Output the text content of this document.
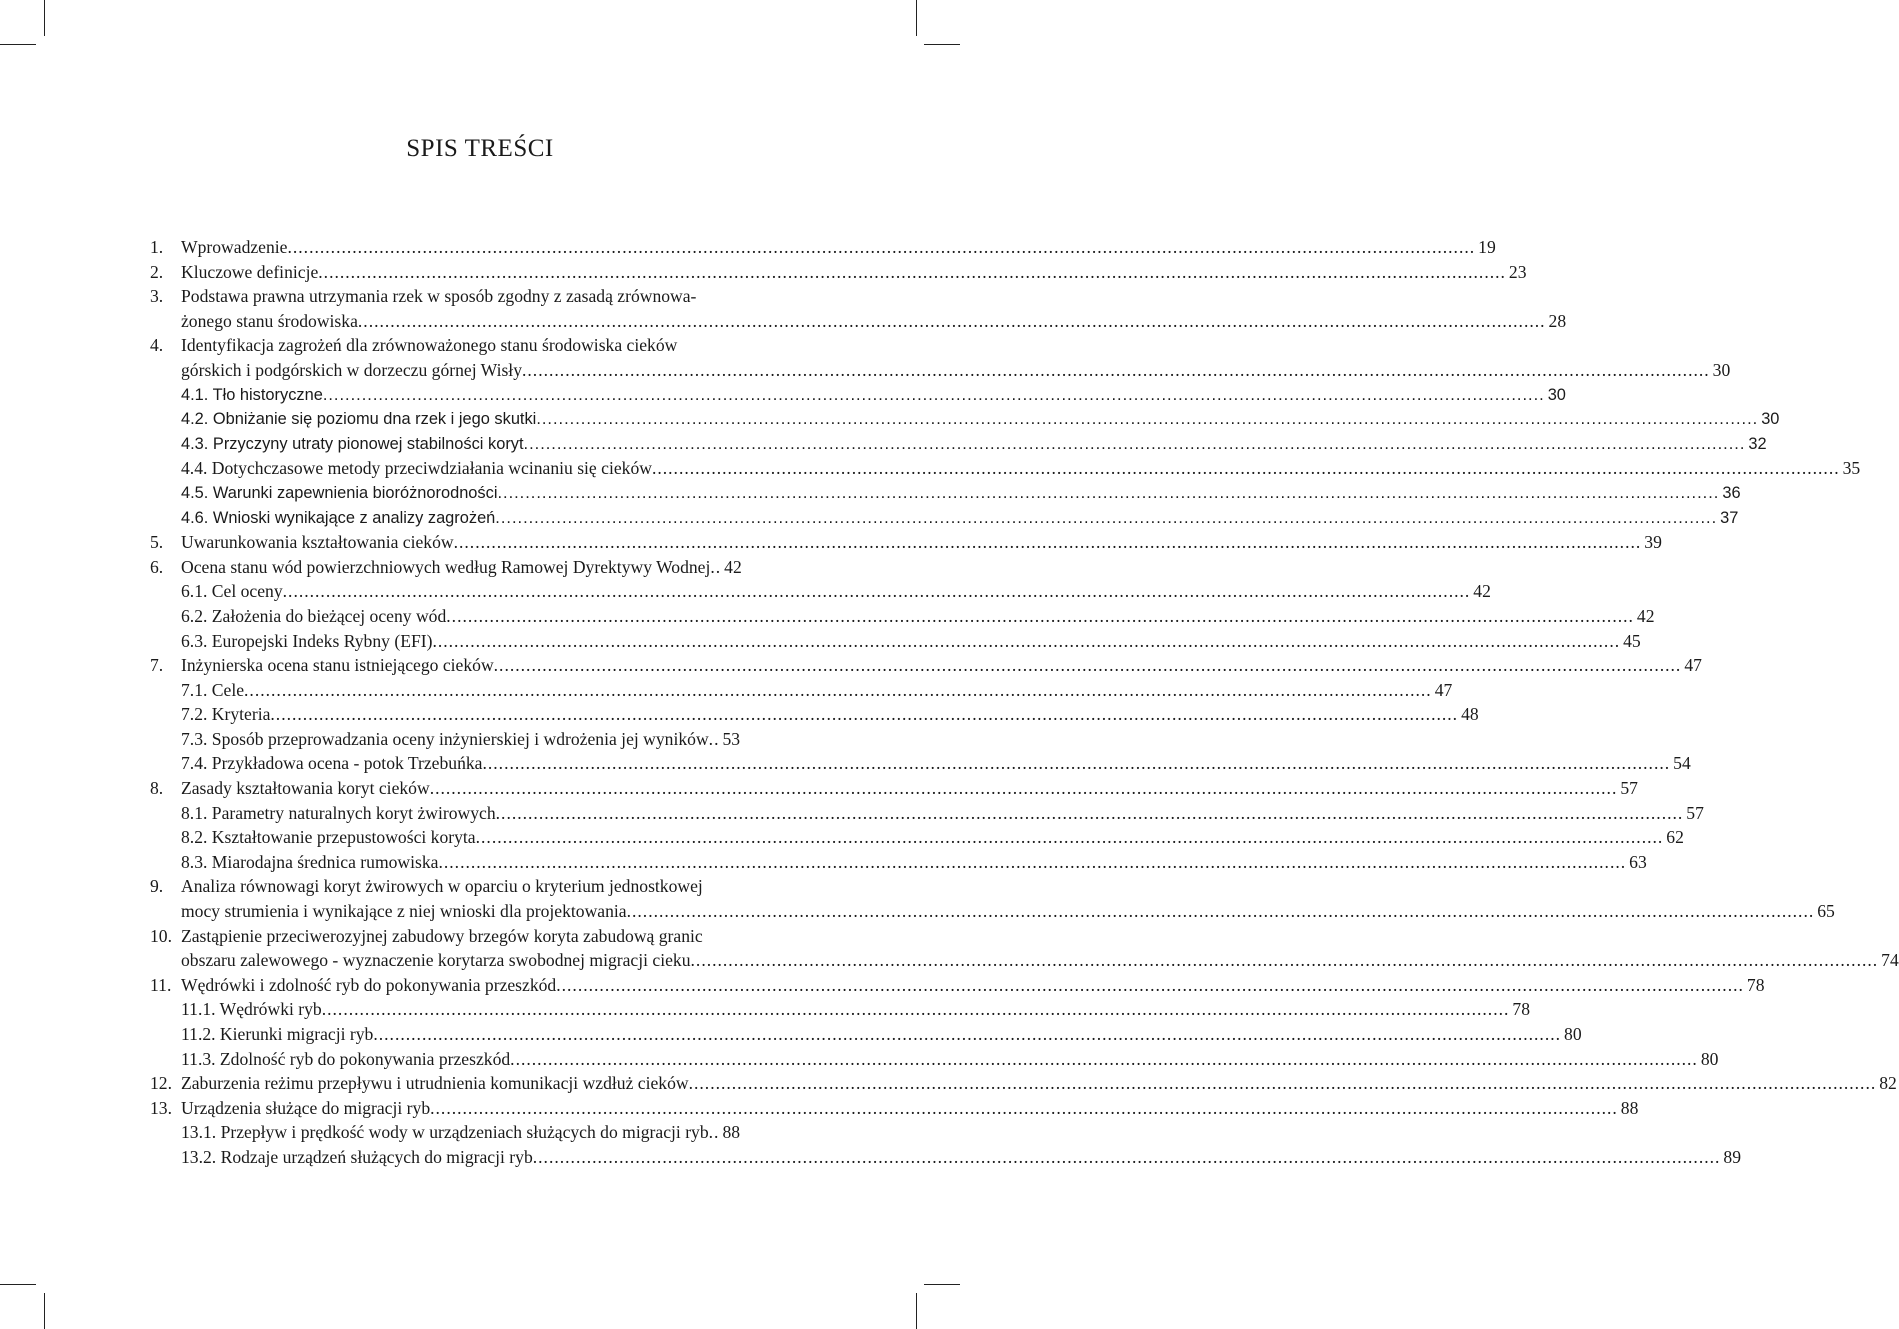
SPIS TREŚCI
1. Wprowadzenie ............................................................................................................................................................................................................................ 19
2. Kluczowe definicje ............................................................................................................................................................................................................................ 23
3. Podstawa prawna utrzymania rzek w sposób zgodny z zasadą zrównowa-
żonego stanu środowiska ............................................................................................................................................................................................................................ 28
4. Identyfikacja zagrożeń dla zrównoważonego stanu środowiska cieków
górskich i podgórskich w dorzeczu górnej Wisły ............................................................................................................................................................................................................................ 30
4.1. Tło historyczne ............................................................................................................................................................................................................................ 30
4.2. Obniżanie się poziomu dna rzek i jego skutki ............................................................................................................................................................................................................................ 30
4.3. Przyczyny utraty pionowej stabilności koryt ............................................................................................................................................................................................................................ 32
4.4. Dotychczasowe metody przeciwdziałania wcinaniu się cieków ............................................................................................................................................................................................................................ 35
4.5. Warunki zapewnienia bioróżnorodności ............................................................................................................................................................................................................................ 36
4.6. Wnioski wynikające z analizy zagrożeń ............................................................................................................................................................................................................................ 37
5. Uwarunkowania kształtowania cieków ............................................................................................................................................................................................................................ 39
6. Ocena stanu wód powierzchniowych według Ramowej Dyrektywy Wodnej .. 42
6.1. Cel oceny ............................................................................................................................................................................................................................ 42
6.2. Założenia do bieżącej oceny wód ............................................................................................................................................................................................................................ 42
6.3. Europejski Indeks Rybny (EFI) ............................................................................................................................................................................................................................ 45
7. Inżynierska ocena stanu istniejącego cieków ............................................................................................................................................................................................................................ 47
7.1. Cele ............................................................................................................................................................................................................................ 47
7.2. Kryteria ............................................................................................................................................................................................................................ 48
7.3. Sposób przeprowadzania oceny inżynierskiej i wdrożenia jej wyników .. 53
7.4. Przykładowa ocena - potok Trzebuńka ............................................................................................................................................................................................................................ 54
8. Zasady kształtowania koryt cieków ............................................................................................................................................................................................................................ 57
8.1. Parametry naturalnych koryt żwirowych ............................................................................................................................................................................................................................ 57
8.2. Kształtowanie przepustowości koryta ............................................................................................................................................................................................................................ 62
8.3. Miarodajna średnica rumowiska ............................................................................................................................................................................................................................ 63
9. Analiza równowagi koryt żwirowych w oparciu o kryterium jednostkowej
mocy strumienia i wynikające z niej wnioski dla projektowania ............................................................................................................................................................................................................................ 65
10. Zastąpienie przeciwerozyjnej zabudowy brzegów koryta zabudową granic
obszaru zalewowego - wyznaczenie korytarza swobodnej migracji cieku ............................................................................................................................................................................................................................ 74
11. Wędrówki i zdolność ryb do pokonywania przeszkód ............................................................................................................................................................................................................................ 78
11.1. Wędrówki ryb ............................................................................................................................................................................................................................ 78
11.2. Kierunki migracji ryb ............................................................................................................................................................................................................................ 80
11.3. Zdolność ryb do pokonywania przeszkód ............................................................................................................................................................................................................................ 80
12. Zaburzenia reżimu przepływu i utrudnienia komunikacji wzdłuż cieków ............................................................................................................................................................................................................................ 82
13. Urządzenia służące do migracji ryb ............................................................................................................................................................................................................................ 88
13.1. Przepływ i prędkość wody w urządzeniach służących do migracji ryb .. 88
13.2. Rodzaje urządzeń służących do migracji ryb ............................................................................................................................................................................................................................ 89
